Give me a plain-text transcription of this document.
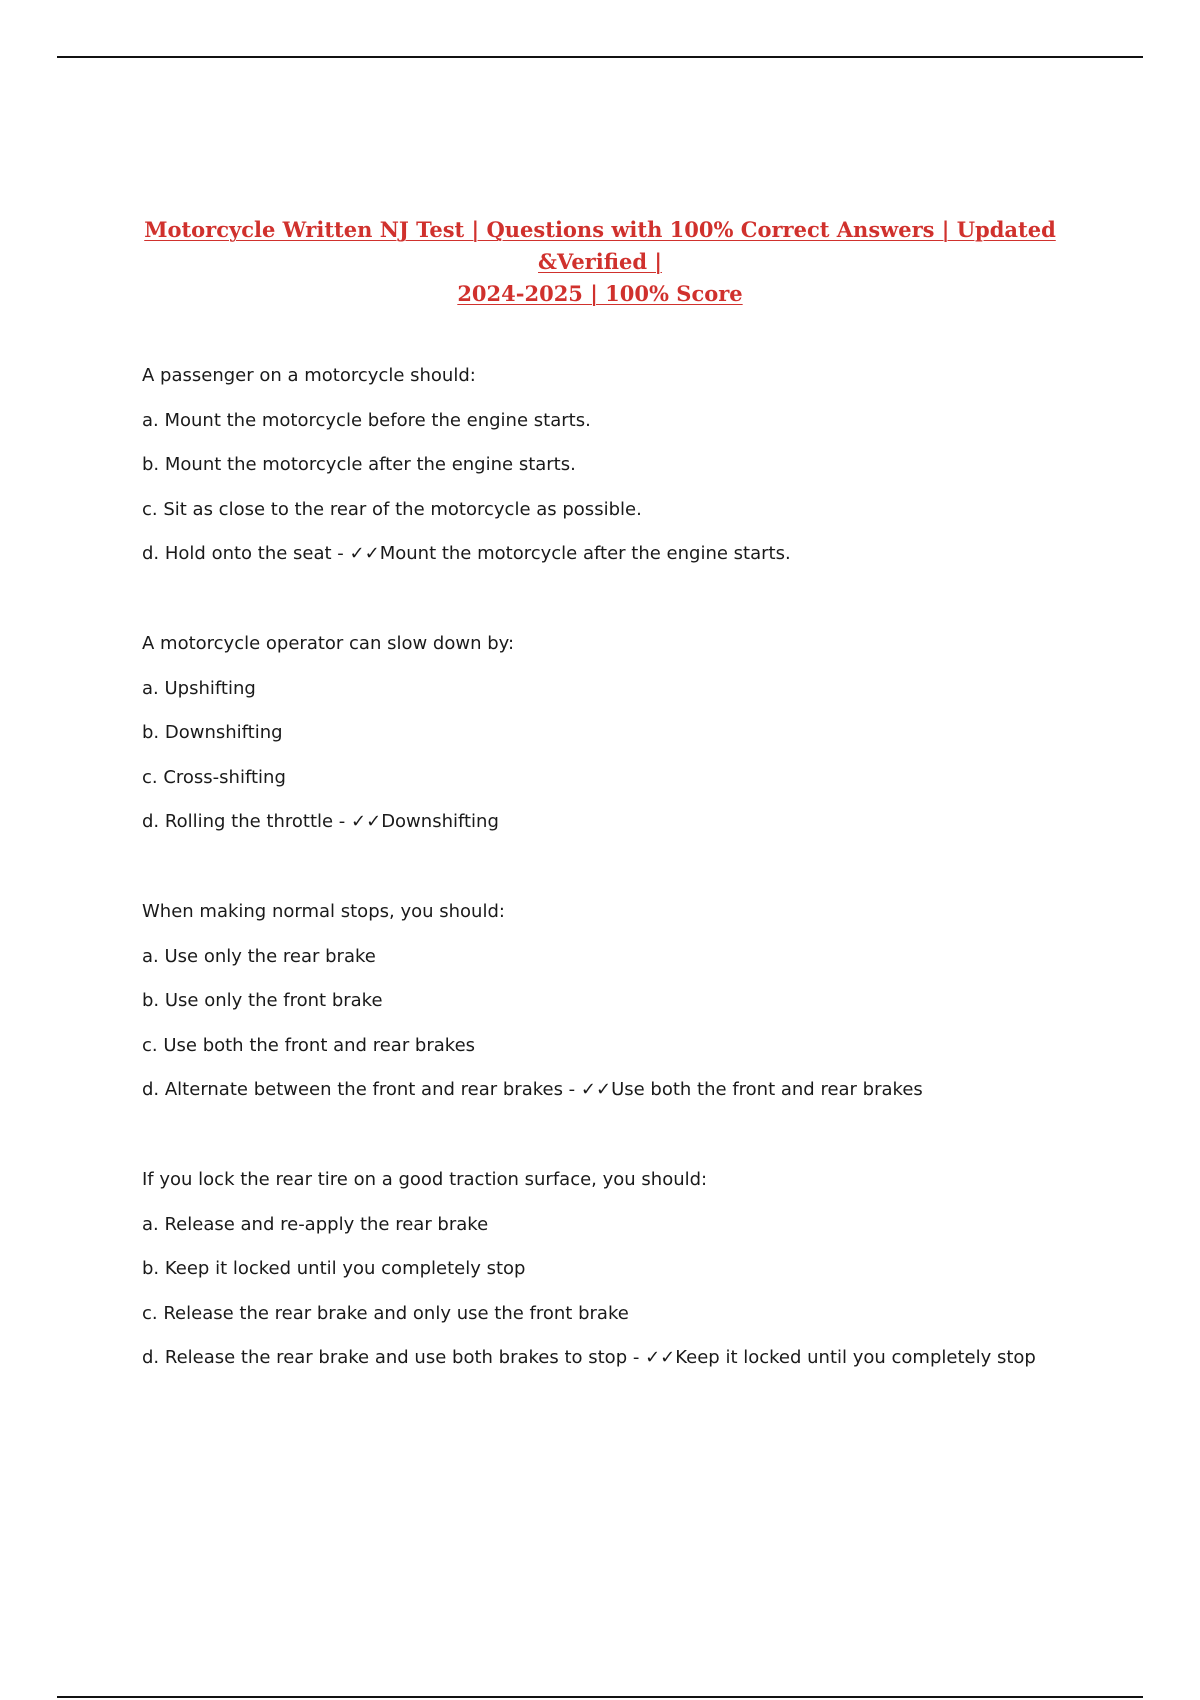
Motorcycle Written NJ Test | Questions with 100% Correct Answers | Updated &Verified |
2024-2025 | 100% Score
A passenger on a motorcycle should:
a. Mount the motorcycle before the engine starts.
b. Mount the motorcycle after the engine starts.
c. Sit as close to the rear of the motorcycle as possible.
d. Hold onto the seat - ✓✓Mount the motorcycle after the engine starts.
A motorcycle operator can slow down by:
a. Upshifting
b. Downshifting
c. Cross-shifting
d. Rolling the throttle - ✓✓Downshifting
When making normal stops, you should:
a. Use only the rear brake
b. Use only the front brake
c. Use both the front and rear brakes
d. Alternate between the front and rear brakes - ✓✓Use both the front and rear brakes
If you lock the rear tire on a good traction surface, you should:
a. Release and re-apply the rear brake
b. Keep it locked until you completely stop
c. Release the rear brake and only use the front brake
d. Release the rear brake and use both brakes to stop - ✓✓Keep it locked until you completely stop
